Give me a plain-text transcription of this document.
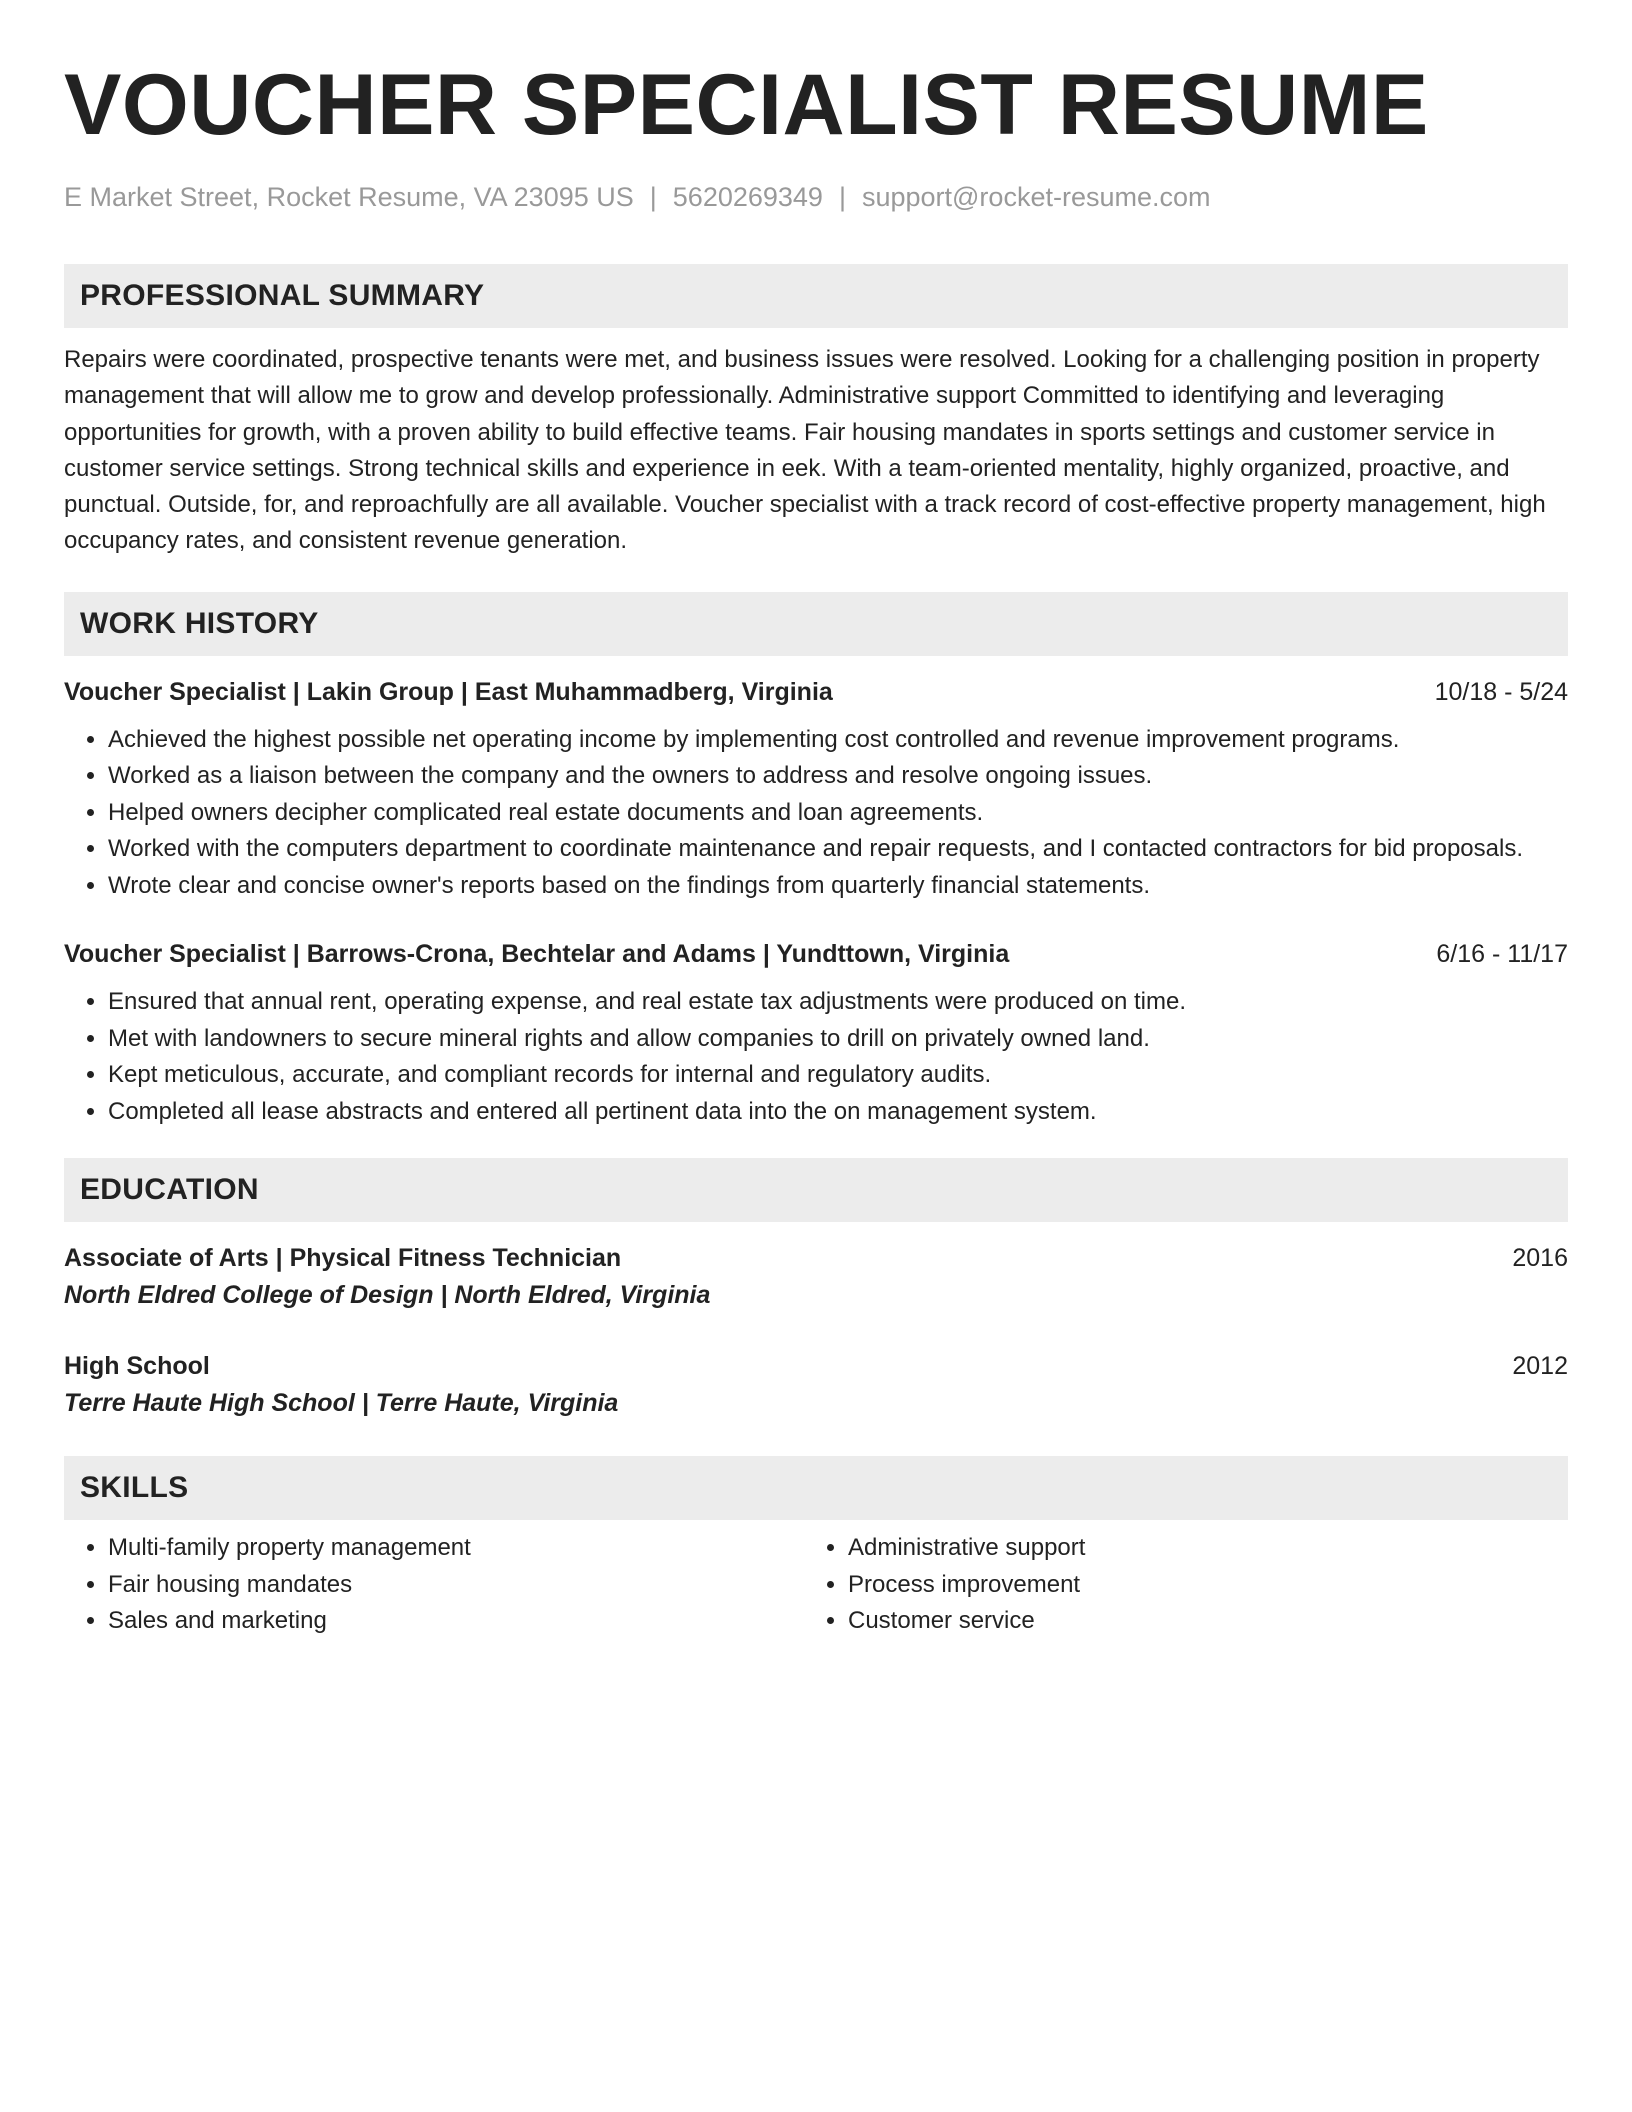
VOUCHER SPECIALIST RESUME
E Market Street, Rocket Resume, VA 23095 US | 5620269349 | support@rocket-resume.com
PROFESSIONAL SUMMARY

Repairs were coordinated, prospective tenants were met, and business issues were resolved. Looking for a challenging position in property management that will allow me to grow and develop professionally. Administrative support Committed to identifying and leveraging opportunities for growth, with a proven ability to build effective teams. Fair housing mandates in sports settings and customer service in customer service settings. Strong technical skills and experience in eek. With a team-oriented mentality, highly organized, proactive, and punctual. Outside, for, and reproachfully are all available. Voucher specialist with a track record of cost-effective property management, high occupancy rates, and consistent revenue generation.

WORK HISTORY
Voucher Specialist | Lakin Group | East Muhammadberg, Virginia	10/18 - 5/24
• Achieved the highest possible net operating income by implementing cost controlled and revenue improvement programs.
• Worked as a liaison between the company and the owners to address and resolve ongoing issues.
• Helped owners decipher complicated real estate documents and loan agreements.
• Worked with the computers department to coordinate maintenance and repair requests, and I contacted contractors for bid proposals.
• Wrote clear and concise owner's reports based on the findings from quarterly financial statements.
Voucher Specialist | Barrows-Crona, Bechtelar and Adams | Yundttown, Virginia	6/16 - 11/17
• Ensured that annual rent, operating expense, and real estate tax adjustments were produced on time.
• Met with landowners to secure mineral rights and allow companies to drill on privately owned land.
• Kept meticulous, accurate, and compliant records for internal and regulatory audits.
• Completed all lease abstracts and entered all pertinent data into the on management system.
EDUCATION
Associate of Arts | Physical Fitness Technician	2016
North Eldred College of Design | North Eldred, Virginia
High School	2012
Terre Haute High School | Terre Haute, Virginia
SKILLS
• Multi-family property management
• Fair housing mandates
• Sales and marketing
• Administrative support
• Process improvement
• Customer service
